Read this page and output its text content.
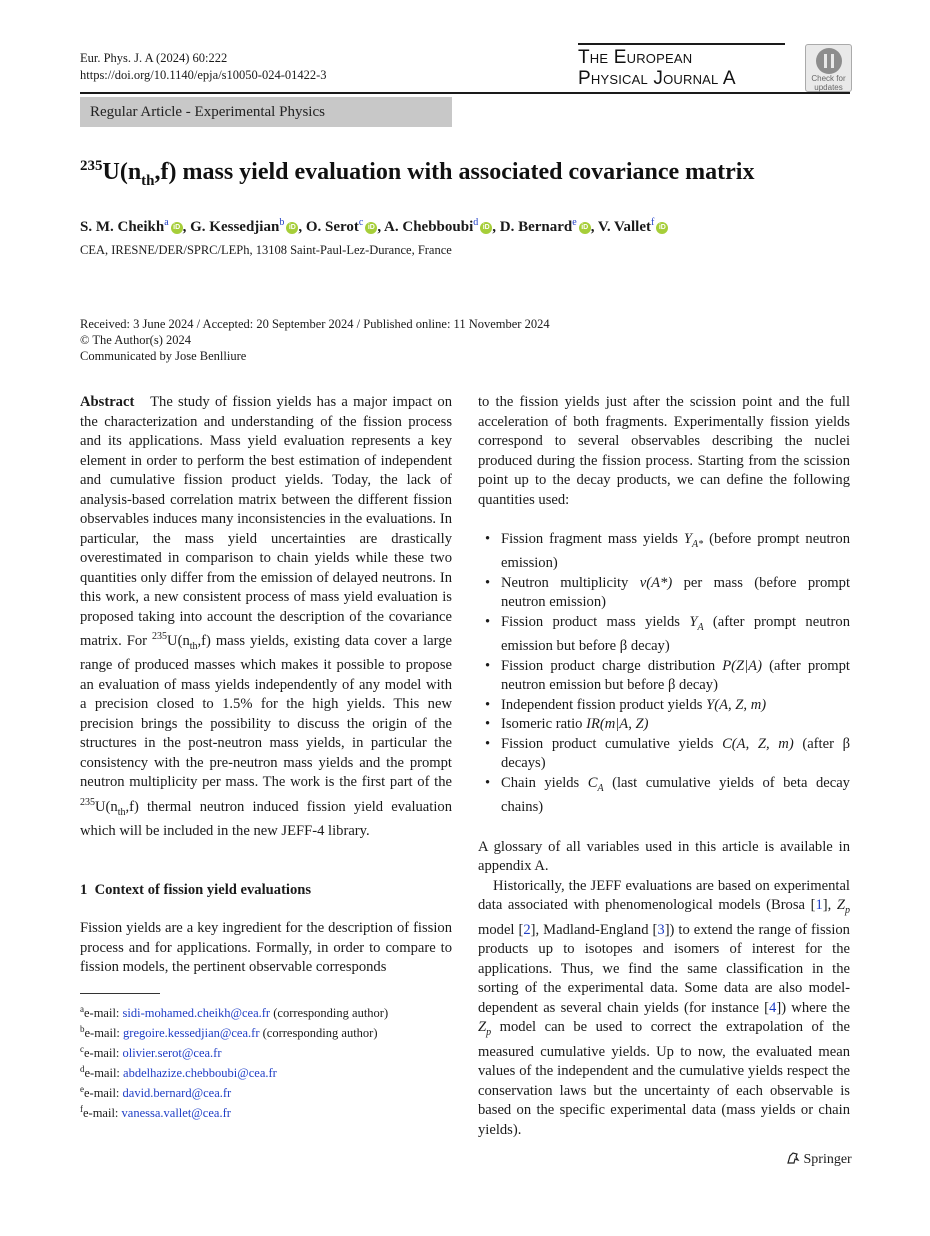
Eur. Phys. J. A (2024) 60:222
https://doi.org/10.1140/epja/s10050-024-01422-3
The European
Physical Journal A	Check for
updates
Regular Article - Experimental Physics
$^{235}U(n_{th},f)$ mass yield evaluation with associated covariance matrix
S. M. Cheikh$^a$ iD , G. Kessedjian$^b$ iD , O. Serot$^c$ iD , A. Chebboubi$^d$ iD , D. Bernard$^e$ iD , V. Vallet$^f$ iD
CEA, IRESNE/DER/SPRC/LEPh, 13108 Saint-Paul-Lez-Durance, France
Received: 3 June 2024 / Accepted: 20 September 2024 / Published online: 11 November 2024
© The Author(s) 2024
Communicated by Jose Benlliure

Abstract The study of fission yields has a major impact on the characterization and understanding of the fission process and its applications. Mass yield evaluation represents a key element in order to perform the best estimation of independent and cumulative fission product yields. Today, the lack of analysis-based correlation matrix between the different fission observables induces many inconsistencies in the evaluations. In particular, the mass yield uncertainties are drastically overestimated in comparison to chain yields while these two quantities only differ from the emission of delayed neutrons. In this work, a new consistent process of mass yield evaluation is proposed taking into account the description of the covariance matrix. For $^{235}U(n_{th},f)$ mass yields, existing data cover a large range of produced masses which makes it possible to propose an evaluation of mass yields independently of any model with a precision closed to 1.5% for the high yields. This new precision brings the possibility to discuss the origin of the structures in the post-neutron mass yields, in particular the consistency with the pre-neutron mass yields and the prompt neutron multiplicity per mass. The work is the first part of the $^{235}U(n_{th},f)$ thermal neutron induced fission yield evaluation which will be included in the new JEFF-4 library.

1 Context of fission yield evaluations

Fission yields are a key ingredient for the description of fission process and for applications. Formally, in order to compare to fission models, the pertinent observable corresponds

to the fission yields just after the scission point and the full acceleration of both fragments. Experimentally fission yields correspond to several observables describing the nuclei produced during the fission process. Starting from the scission point up to the decay products, we can define the following quantities used:

• Fission fragment mass yields $Y_{A*}$ (before prompt neutron emission)
• Neutron multiplicity ν(A*) per mass (before prompt neutron emission)
• Fission product mass yields $Y_A$ (after prompt neutron emission but before β decay)
• Fission product charge distribution P(Z|A) (after prompt neutron emission but before β decay)
• Independent fission product yields Y(A, Z, m)
• Isomeric ratio IR(m|A, Z)
• Fission product cumulative yields C(A, Z, m) (after β decays)
• Chain yields $C_A$ (last cumulative yields of beta decay chains)

A glossary of all variables used in this article is available in appendix A.

Historically, the JEFF evaluations are based on experimental data associated with phenomenological models (Brosa [1], $Z_p$ model [2], Madland-England [3]) to extend the range of fission products up to isotopes and isomers of interest for the applications. Thus, we find the same classification in the sorting of the experimental data. Some data are also model-dependent as several chain yields (for instance [4]) where the $Z_p$ model can be used to correct the extrapolation of the measured cumulative yields. Up to now, the evaluated mean values of the independent and the cumulative yields respect the conservation laws but the uncertainty of each observable is based on the specific experimental data (mass yields or chain yields).

$^a$e-mail: sidi-mohamed.cheikh@cea.fr (corresponding author)
$^b$e-mail: gregoire.kessedjian@cea.fr (corresponding author)
$^c$e-mail: olivier.serot@cea.fr
$^d$e-mail: abdelhazize.chebboubi@cea.fr
$^e$e-mail: david.bernard@cea.fr
$^f$e-mail: vanessa.vallet@cea.fr
Springer
